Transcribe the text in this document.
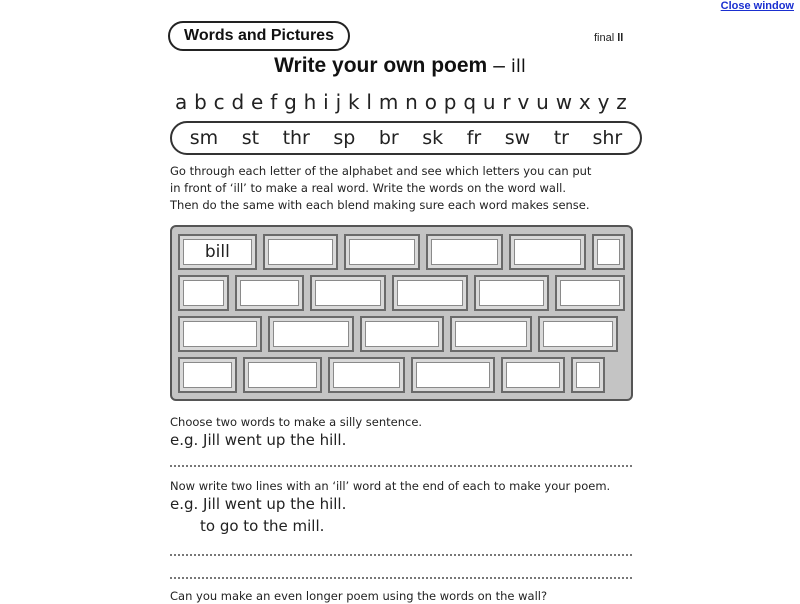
Close window
Words and Pictures	final ll
Write your own poem – ill
a b c d e f g h i j k l m n o p q u r v u w x y z
sm st thr sp br sk fr sw tr shr
Go through each letter of the alphabet and see which letters you can put
in front of ‘ill’ to make a real word. Write the words on the word wall.
Then do the same with each blend making sure each word makes sense.
bill
Choose two words to make a silly sentence.
e.g. Jill went up the hill.
Now write two lines with an ‘ill’ word at the end of each to make your poem.
e.g. Jill went up the hill.
to go to the mill.
Can you make an even longer poem using the words on the wall?
